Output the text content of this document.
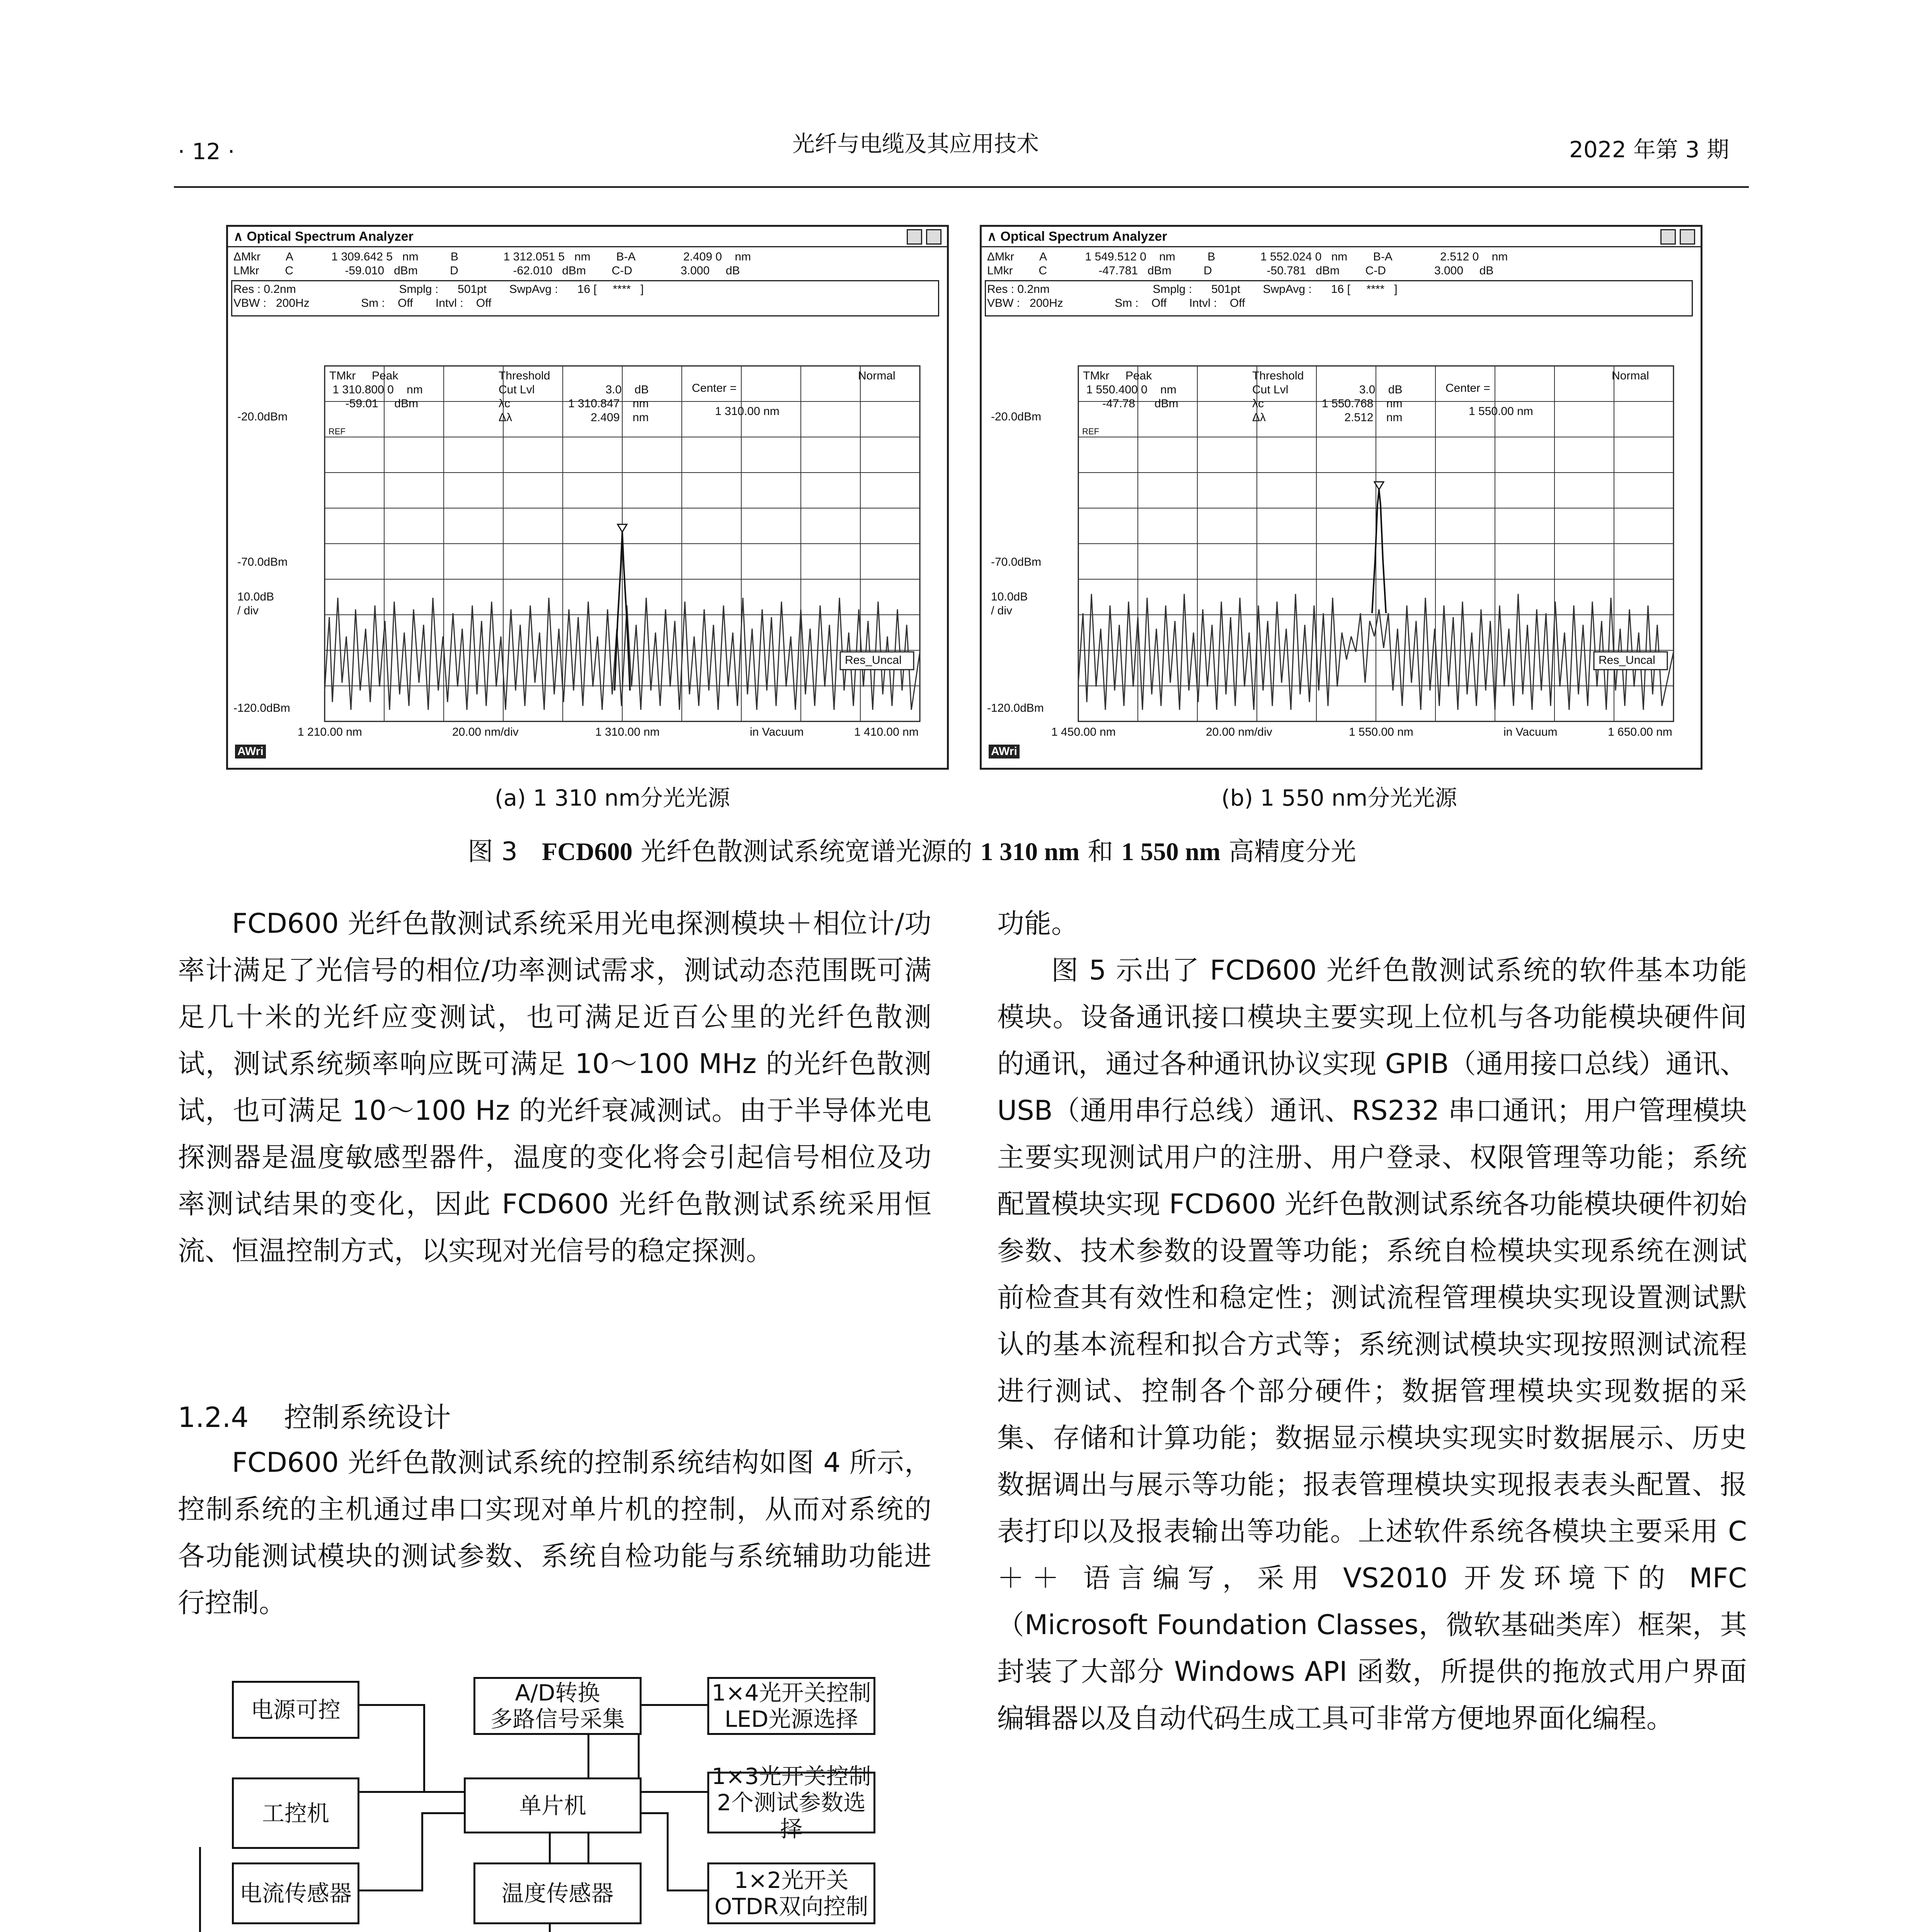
· 12 ·	光纤与电缆及其应用技术	2022 年第 3 期
∧ Optical Spectrum Analyzer
ΔMkr        A            1 309.642 5   nm          B              1 312.051 5   nm        B-A               2.409 0    nm
LMkr        C                -59.010   dBm          D                 -62.010   dBm        C-D               3.000     dB
Res : 0.2nm                                Smplg :      501pt       SwpAvg :      16 [     ****   ]
VBW :   200Hz                Sm :    Off       Intvl :    Off
TMkr     Peak
1 310.800 0    nm
-59.01     dBm
Threshold
Cut Lvl
λc
Δλ
3.0    dB
1 310.847    nm
2.409    nm
Center =
1 310.00 nm
Normal
REF
-20.0dBm
-70.0dBm
10.0dB
/ div
-120.0dBm
Res_Uncal
1 210.00 nm	20.00 nm/div	1 310.00 nm	in Vacuum	1 410.00 nm
AWri
(a) 1 310 nm分光光源
∧ Optical Spectrum Analyzer
ΔMkr        A            1 549.512 0    nm          B              1 552.024 0   nm        B-A               2.512 0    nm
LMkr        C                -47.781   dBm          D                 -50.781   dBm        C-D               3.000     dB
Res : 0.2nm                                Smplg :      501pt       SwpAvg :      16 [     ****   ]
VBW :   200Hz                Sm :    Off       Intvl :    Off
TMkr     Peak
1 550.400 0    nm
-47.78      dBm
Threshold
Cut Lvl
λc
Δλ
3.0    dB
1 550.768    nm
2.512    nm
Center =
1 550.00 nm
Normal
REF
-20.0dBm
-70.0dBm
10.0dB
/ div
-120.0dBm
Res_Uncal
1 450.00 nm	20.00 nm/div	1 550.00 nm	in Vacuum	1 650.00 nm
AWri
(b) 1 550 nm分光光源
图 3 FCD600 光纤色散测试系统宽谱光源的 1 310 nm 和 1 550 nm 高精度分光

FCD600 光纤色散测试系统采用光电探测模块＋相位计/功率计满足了光信号的相位/功率测试需求，测试动态范围既可满足几十米的光纤应变测试，也可满足近百公里的光纤色散测试，测试系统频率响应既可满足 10～100 MHz 的光纤色散测试，也可满足 10～100 Hz 的光纤衰减测试。由于半导体光电探测器是温度敏感型器件，温度的变化将会引起信号相位及功率测试结果的变化，因此 FCD600 光纤色散测试系统采用恒流、恒温控制方式，以实现对光信号的稳定探测。

1.2.4    控制系统设计

FCD600 光纤色散测试系统的控制系统结构如图 4 所示，控制系统的主机通过串口实现对单片机的控制，从而对系统的各功能测试模块的测试参数、系统自检功能与系统辅助功能进行控制。

电源可控
A/D转换
多路信号采集
1×4光开关控制
LED光源选择
工控机	单片机
1×3光开关控制
2个测试参数选择
电流传感器	温度传感器	1×2光开关
OTDR双向控制

功能。

图 5 示出了 FCD600 光纤色散测试系统的软件基本功能模块。设备通讯接口模块主要实现上位机与各功能模块硬件间的通讯，通过各种通讯协议实现 GPIB（通用接口总线）通讯、USB（通用串行总线）通讯、RS232 串口通讯；用户管理模块主要实现测试用户的注册、用户登录、权限管理等功能；系统配置模块实现 FCD600 光纤色散测试系统各功能模块硬件初始参数、技术参数的设置等功能；系统自检模块实现系统在测试前检查其有效性和稳定性；测试流程管理模块实现设置测试默认的基本流程和拟合方式等；系统测试模块实现按照测试流程进行测试、控制各个部分硬件；数据管理模块实现数据的采集、存储和计算功能；数据显示模块实现实时数据展示、历史数据调出与展示等功能；报表管理模块实现报表表头配置、报表打印以及报表输出等功能。上述软件系统各模块主要采用 C＋＋ 语言编写，采用 VS2010 开发环境下的 MFC（Microsoft Foundation Classes，微软基础类库）框架，其封装了大部分 Windows API 函数，所提供的拖放式用户界面编辑器以及自动代码生成工具可非常方便地界面化编程。
